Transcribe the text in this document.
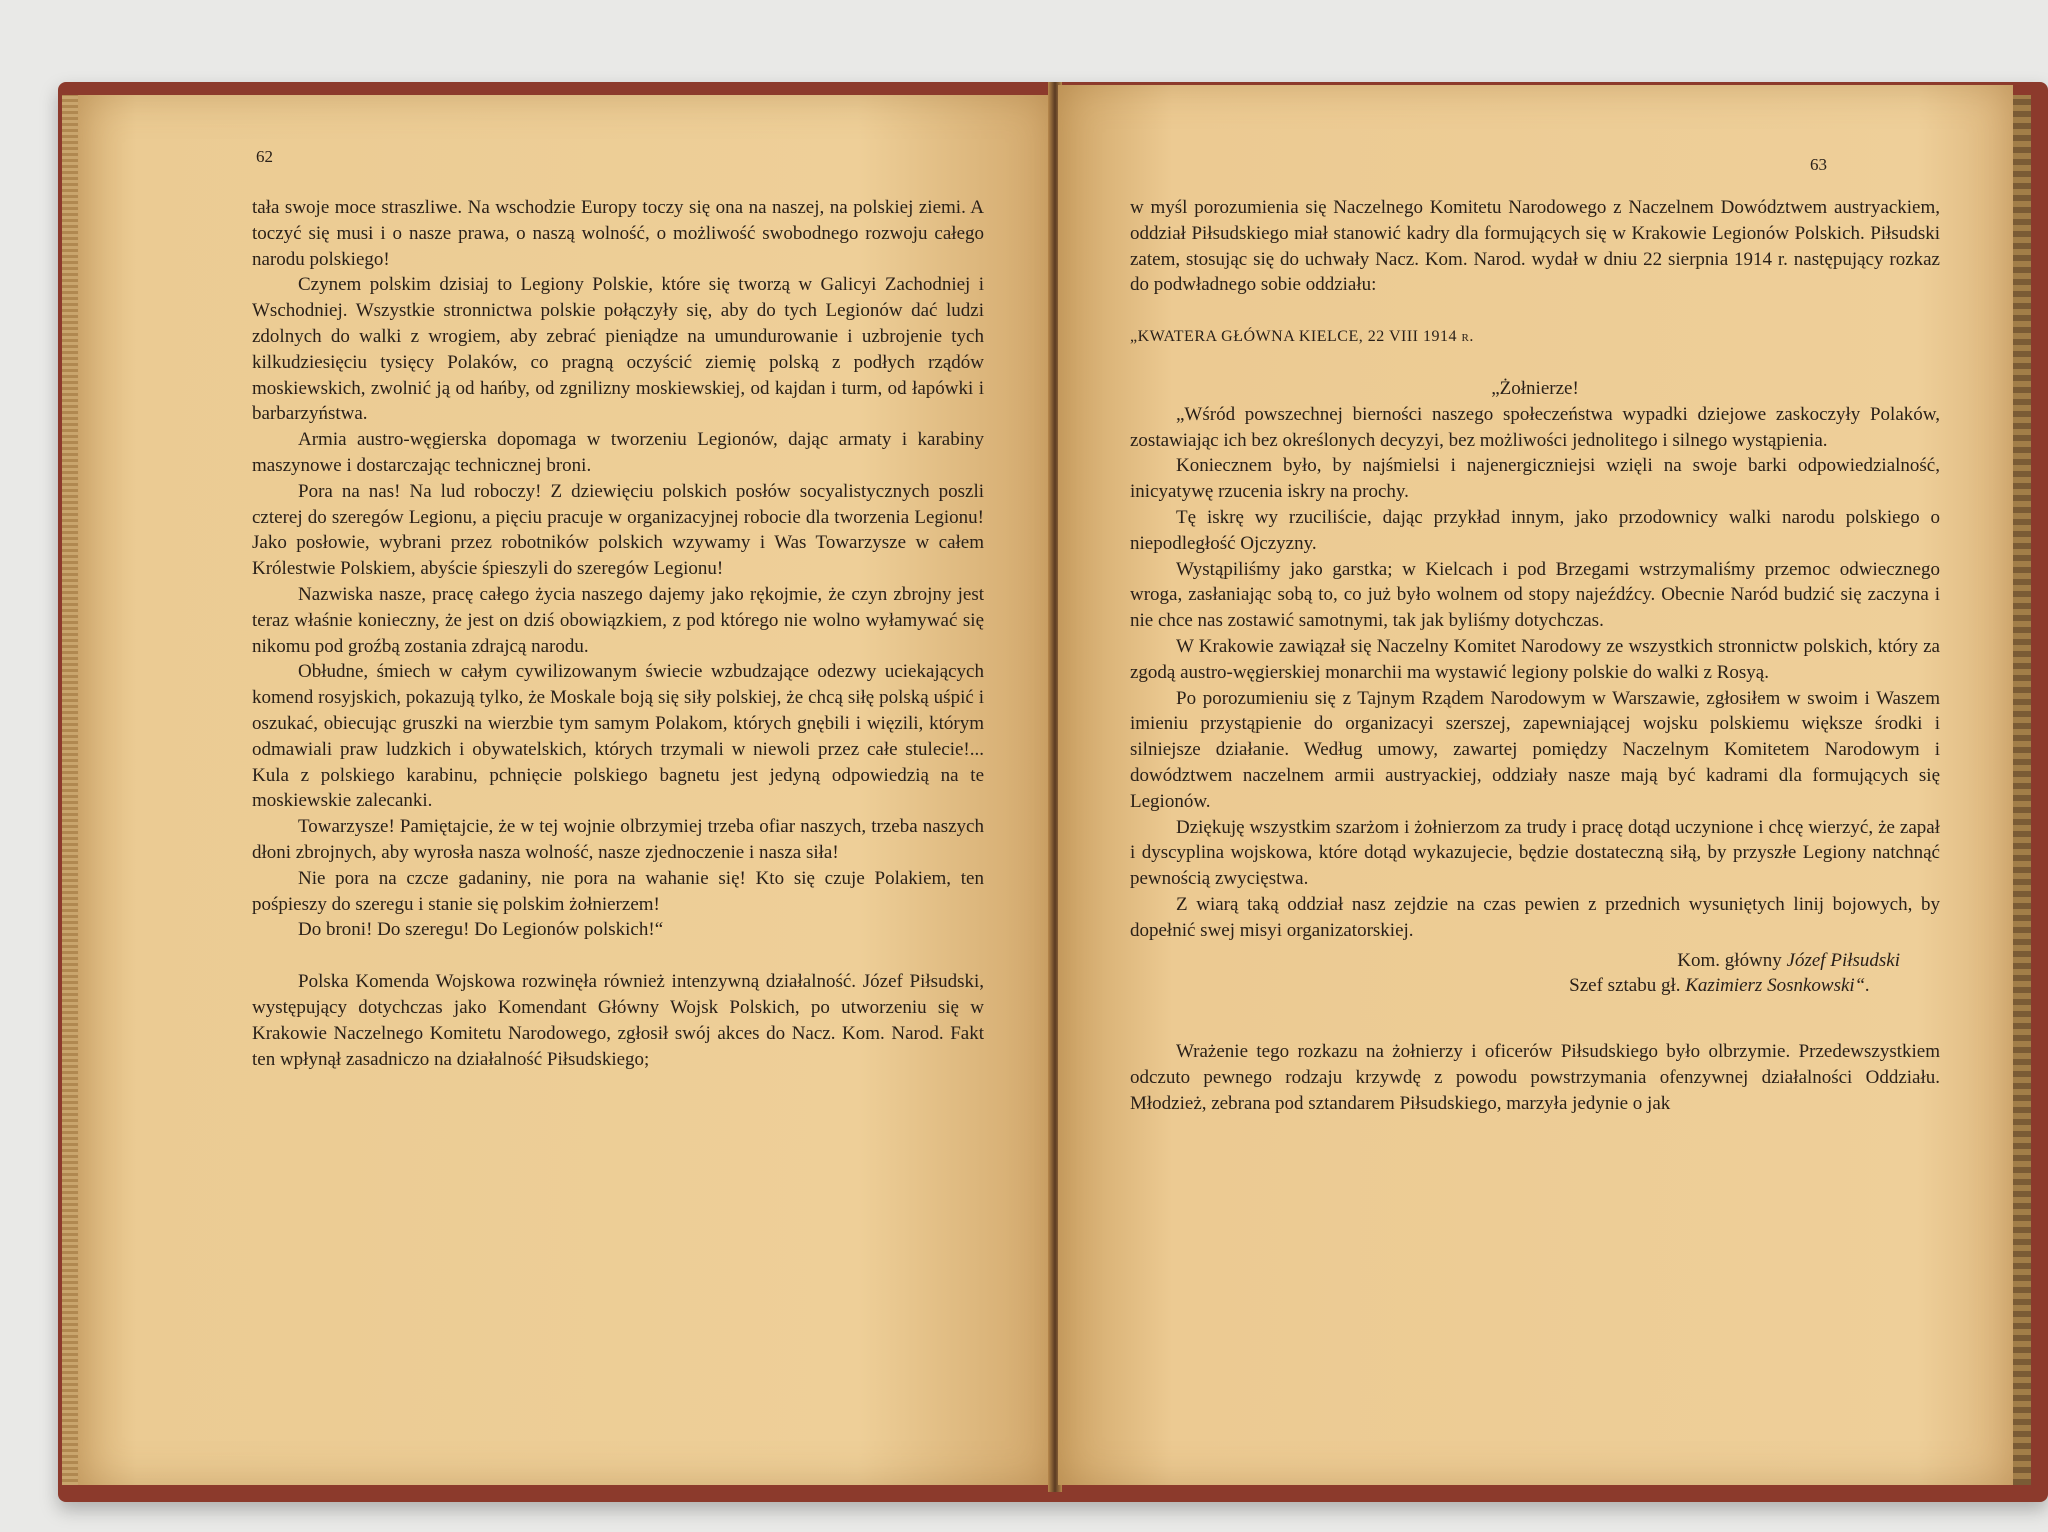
62

tała swoje moce straszliwe. Na wschodzie Europy toczy się ona na naszej, na polskiej ziemi. A toczyć się musi i o nasze prawa, o naszą wolność, o możliwość swobodnego rozwoju całego narodu polskiego!

Czynem polskim dzisiaj to Legiony Polskie, które się tworzą w Galicyi Zachodniej i Wschodniej. Wszystkie stronnictwa polskie połączyły się, aby do tych Legionów dać ludzi zdolnych do walki z wrogiem, aby zebrać pieniądze na umundurowanie i uzbrojenie tych kilkudziesięciu tysięcy Polaków, co pragną oczyścić ziemię polską z podłych rządów moskiewskich, zwolnić ją od hańby, od zgnilizny moskiewskiej, od kajdan i turm, od łapówki i barbarzyństwa.

Armia austro-węgierska dopomaga w tworzeniu Legionów, dając armaty i karabiny maszynowe i dostarczając technicznej broni.

Pora na nas! Na lud roboczy! Z dziewięciu polskich posłów socyalistycznych poszli czterej do szeregów Legionu, a pięciu pracuje w organizacyjnej robocie dla tworzenia Legionu! Jako posłowie, wybrani przez robotników polskich wzywamy i Was Towarzysze w całem Królestwie Polskiem, abyście śpieszyli do szeregów Legionu!

Nazwiska nasze, pracę całego życia naszego dajemy jako rękojmie, że czyn zbrojny jest teraz właśnie konieczny, że jest on dziś obowiązkiem, z pod którego nie wolno wyłamywać się nikomu pod groźbą zostania zdrajcą narodu.

Obłudne, śmiech w całym cywilizowanym świecie wzbudzające odezwy uciekających komend rosyjskich, pokazują tylko, że Moskale boją się siły polskiej, że chcą siłę polską uśpić i oszukać, obiecując gruszki na wierzbie tym samym Polakom, których gnębili i więzili, którym odmawiali praw ludzkich i obywatelskich, których trzymali w niewoli przez całe stulecie!... Kula z polskiego karabinu, pchnięcie polskiego bagnetu jest jedyną odpowiedzią na te moskiewskie zalecanki.

Towarzysze! Pamiętajcie, że w tej wojnie olbrzymiej trzeba ofiar naszych, trzeba naszych dłoni zbrojnych, aby wyrosła nasza wolność, nasze zjednoczenie i nasza siła!

Nie pora na czcze gadaniny, nie pora na wahanie się! Kto się czuje Polakiem, ten pośpieszy do szeregu i stanie się polskim żołnierzem!

Do broni! Do szeregu! Do Legionów polskich!“

Polska Komenda Wojskowa rozwinęła również intenzywną działalność. Józef Piłsudski, występujący dotychczas jako Komendant Główny Wojsk Polskich, po utworzeniu się w Krakowie Naczelnego Komitetu Narodowego, zgłosił swój akces do Nacz. Kom. Narod. Fakt ten wpłynął zasadniczo na działalność Piłsudskiego;

63

w myśl porozumienia się Naczelnego Komitetu Narodowego z Naczelnem Dowództwem austryackiem, oddział Piłsudskiego miał stanowić kadry dla formujących się w Krakowie Legionów Polskich. Piłsudski zatem, stosując się do uchwały Nacz. Kom. Narod. wydał w dniu 22 sierpnia 1914 r. następujący rozkaz do podwładnego sobie oddziału:

„KWATERA GŁÓWNA KIELCE, 22 VIII 1914 r.

„Żołnierze!

„Wśród powszechnej bierności naszego społeczeństwa wypadki dziejowe zaskoczyły Polaków, zostawiając ich bez określonych decyzyi, bez możliwości jednolitego i silnego wystąpienia.

Koniecznem było, by najśmielsi i najenergiczniejsi wzięli na swoje barki odpowiedzialność, inicyatywę rzucenia iskry na prochy.

Tę iskrę wy rzuciliście, dając przykład innym, jako przodownicy walki narodu polskiego o niepodległość Ojczyzny.

Wystąpiliśmy jako garstka; w Kielcach i pod Brzegami wstrzymaliśmy przemoc odwiecznego wroga, zasłaniając sobą to, co już było wolnem od stopy najeźdźcy. Obecnie Naród budzić się zaczyna i nie chce nas zostawić samotnymi, tak jak byliśmy dotychczas.

W Krakowie zawiązał się Naczelny Komitet Narodowy ze wszystkich stronnictw polskich, który za zgodą austro-węgierskiej monarchii ma wystawić legiony polskie do walki z Rosyą.

Po porozumieniu się z Tajnym Rządem Narodowym w Warszawie, zgłosiłem w swoim i Waszem imieniu przystąpienie do organizacyi szerszej, zapewniającej wojsku polskiemu większe środki i silniejsze działanie. Według umowy, zawartej pomiędzy Naczelnym Komitetem Narodowym i dowództwem naczelnem armii austryackiej, oddziały nasze mają być kadrami dla formujących się Legionów.

Dziękuję wszystkim szarżom i żołnierzom za trudy i pracę dotąd uczynione i chcę wierzyć, że zapał i dyscyplina wojskowa, które dotąd wykazujecie, będzie dostateczną siłą, by przyszłe Legiony natchnąć pewnością zwycięstwa.

Z wiarą taką oddział nasz zejdzie na czas pewien z przednich wysuniętych linij bojowych, by dopełnić swej misyi organizatorskiej.

Kom. główny Józef Piłsudski

Szef sztabu gł. Kazimierz Sosnkowski“.

Wrażenie tego rozkazu na żołnierzy i oficerów Piłsudskiego było olbrzymie. Przedewszystkiem odczuto pewnego rodzaju krzywdę z powodu powstrzymania ofenzywnej działalności Oddziału. Młodzież, zebrana pod sztandarem Piłsudskiego, marzyła jedynie o jak
